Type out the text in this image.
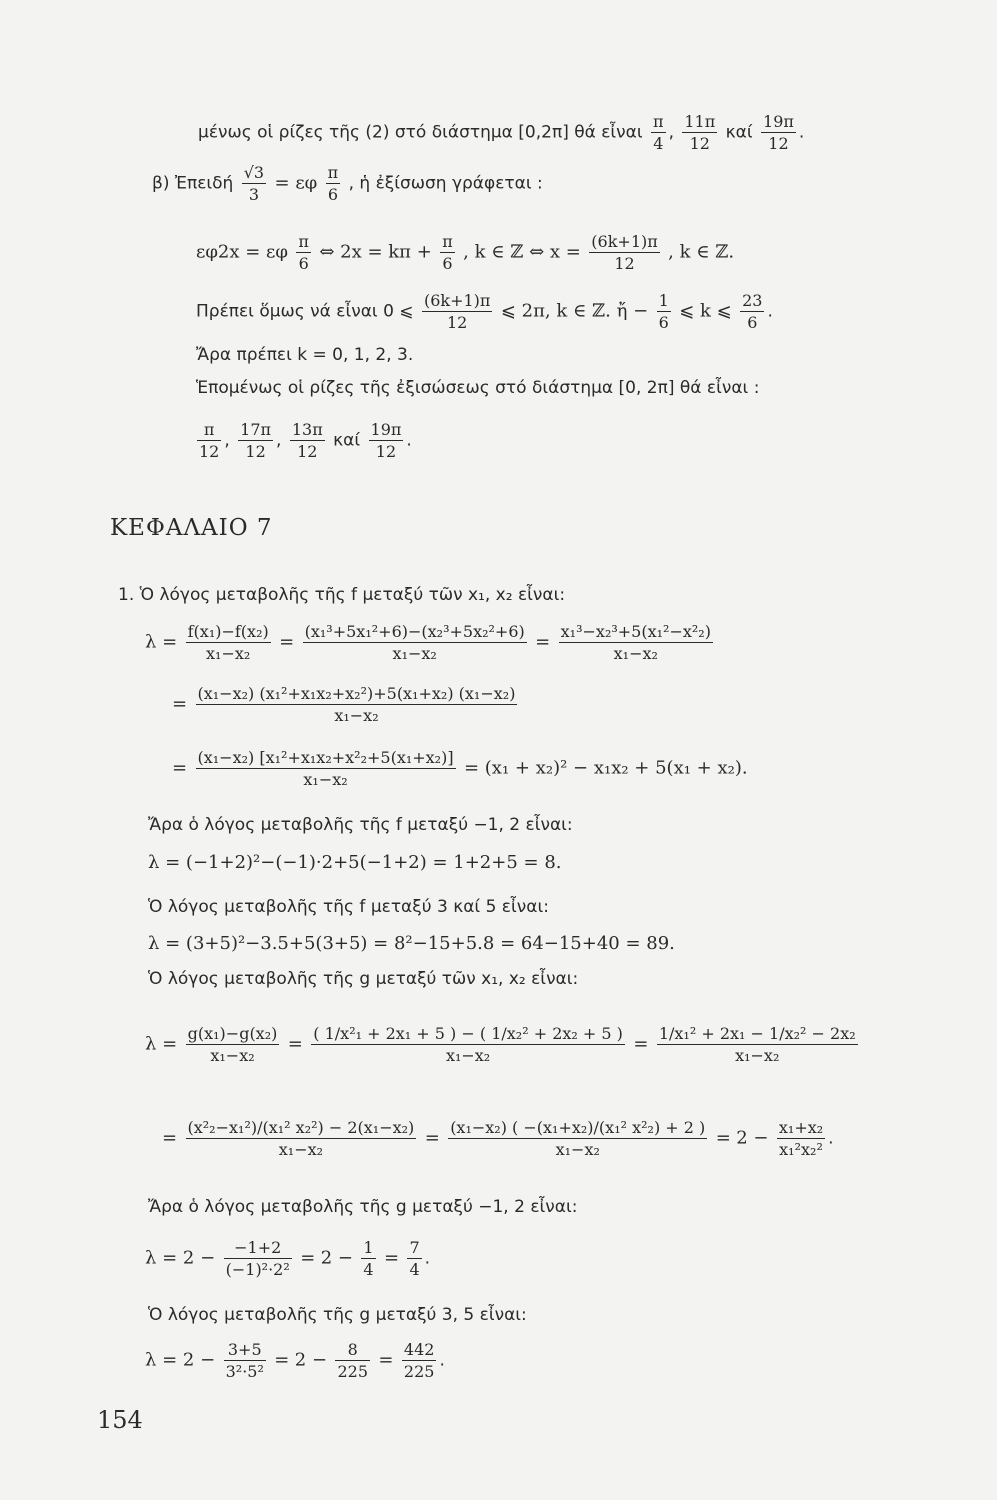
μένως οἱ ρίζες τῆς (2) στό διάστημα [0,2π] θά εἶναι $\frac{\pi}{4}$ , $\frac{11\pi}{12}$ καί $\frac{19\pi}{12}$ .
β) Ἐπειδή $\frac{√3}{3} = \varepsilon\varphi \frac{\pi}{6}$ , ἡ ἐξίσωση γράφεται :
εφ2x = εφ $\frac{\pi}{6}$ ⇔ $2x = k\pi + \frac{\pi}{6}$ , k ∈ ℤ ⇔ $x = \frac{(6k+1)\pi}{12}$ , k ∈ ℤ.
Πρέπει ὅμως νά εἶναι 0 ⩽ $\frac{(6k+1)\pi}{12}$ ⩽ 2π, k ∈ ℤ. ἤ − $\frac{1}{6}$ ⩽ k ⩽ $\frac{23}{6}$ .
Ἄρα πρέπει k = 0, 1, 2, 3.
Ἑπομένως οἱ ρίζες τῆς ἐξισώσεως στό διάστημα [0, 2π] θά εἶναι :
$\frac{\pi}{12}$ , $\frac{17\pi}{12}$ , $\frac{13\pi}{12}$ καί $\frac{19\pi}{12}$ .
ΚΕΦΑΛΑΙΟ 7
1. Ὁ λόγος μεταβολῆς τῆς f μεταξύ τῶν x₁, x₂ εἶναι:
$\lambda = \frac{\text{f(x₁)−f(x₂)}}{\text{x₁−x₂}} = \frac{\text{(x₁³+5x₁²+6)−(x₂³+5x₂²+6)}}{\text{x₁−x₂}} = \frac{\text{x₁³−x₂³+5(x₁²−x²₂)}}{\text{x₁−x₂}}$
= $\frac{\text{(x₁−x₂) (x₁²+x₁x₂+x₂²)+5(x₁+x₂) (x₁−x₂)}}{\text{x₁−x₂}}$
= $\frac{\text{(x₁−x₂) [x₁²+x₁x₂+x²₂+5(x₁+x₂)]}}{\text{x₁−x₂}} = (x_1 + x_2)^2 - x_1x_2 + 5(x_1 + x_2)$.
Ἄρα ὁ λόγος μεταβολῆς τῆς f μεταξύ −1, 2 εἶναι:
λ = (−1+2)²−(−1)·2+5(−1+2) = 1+2+5 = 8.
Ὁ λόγος μεταβολῆς τῆς f μεταξύ 3 καί 5 εἶναι:
λ = (3+5)²−3.5+5(3+5) = 8²−15+5.8 = 64−15+40 = 89.
Ὁ λόγος μεταβολῆς τῆς g μεταξύ τῶν x₁, x₂ εἶναι:
$\lambda = \frac{\text{g(x₁)−g(x₂)}}{\text{x₁−x₂}} = \frac{\text{( 1/x²₁ + 2x₁ + 5 ) − ( 1/x₂² + 2x₂ + 5 )}}{\text{x₁−x₂}} = \frac{\text{1/x₁² + 2x₁ − 1/x₂² − 2x₂}}{\text{x₁−x₂}}$
= $\frac{\text{(x²₂−x₁²)/(x₁² x₂²) − 2(x₁−x₂)}}{\text{x₁−x₂}} = \frac{\text{(x₁−x₂) ( −(x₁+x₂)/(x₁² x²₂) + 2 )}}{\text{x₁−x₂}} = 2 - \frac{\text{x₁+x₂}}{\text{x₁²x₂²}}$ .
Ἄρα ὁ λόγος μεταβολῆς τῆς g μεταξύ −1, 2 εἶναι:
$\lambda = 2 - \frac{-1+2}{\text{(−1)²·2²}} = 2 - \frac{1}{4} = \frac{7}{4}$ .
Ὁ λόγος μεταβολῆς τῆς g μεταξύ 3, 5 εἶναι:
$\lambda = 2 - \frac{3+5}{\text{3²·5²}} = 2 - \frac{8}{225} = \frac{442}{225}$ .
154
